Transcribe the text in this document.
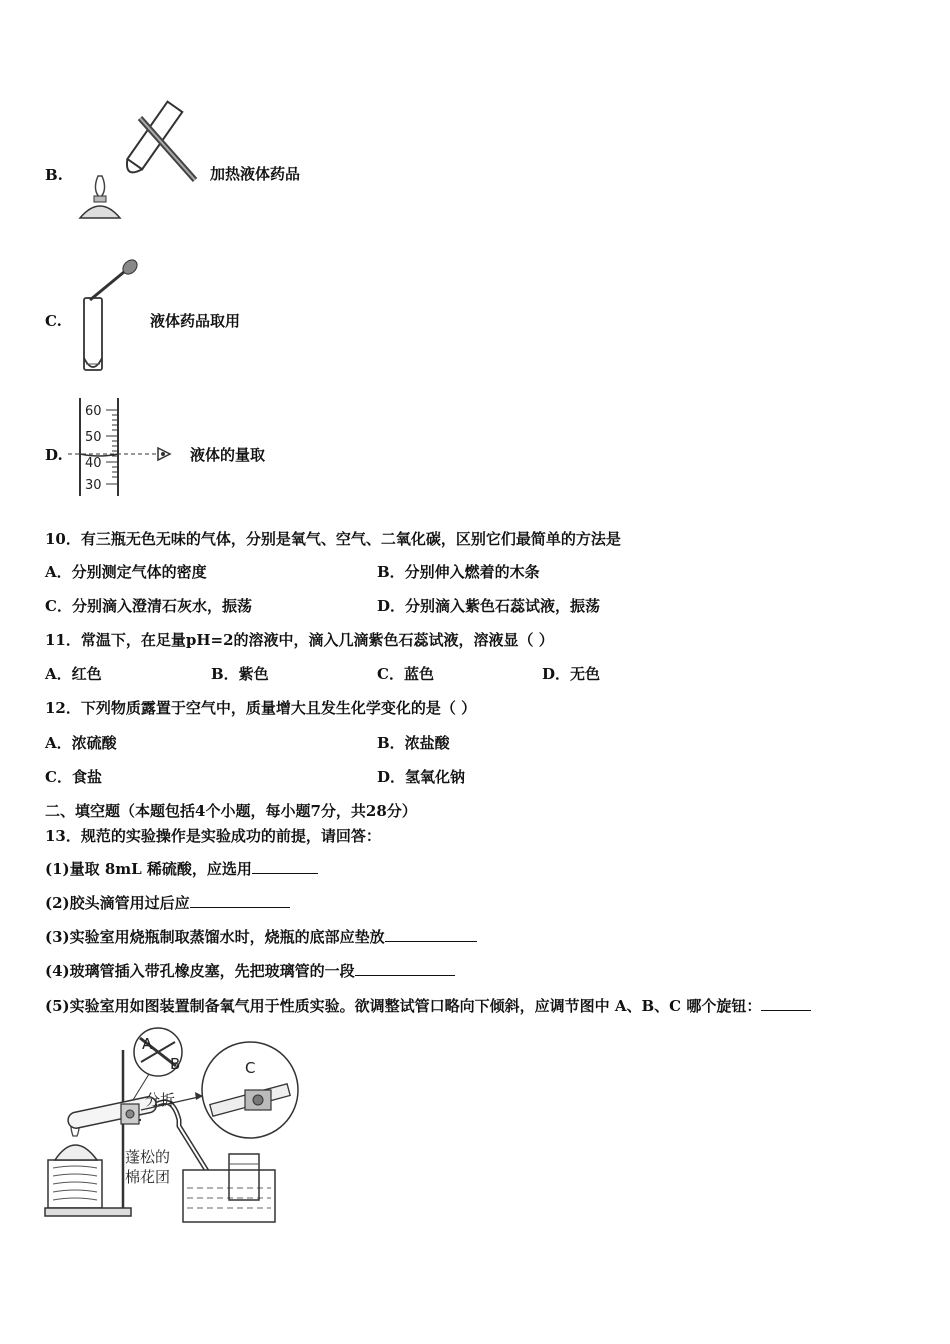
B.	加热液体药品
C.	液体药品取用
D.
60
50
40
30
液体的量取
10．有三瓶无色无味的气体，分别是氧气、空气、二氧化碳，区别它们最简单的方法是
A．分别测定气体的密度	B．分别伸入燃着的木条
C．分别滴入澄清石灰水，振荡	D．分别滴入紫色石蕊试液，振荡
11．常温下，在足量pH=2的溶液中，滴入几滴紫色石蕊试液，溶液显（ ）
A．红色	B．紫色	C．蓝色	D．无色
12．下列物质露置于空气中，质量增大且发生化学变化的是（ ）
A．浓硫酸	B．浓盐酸
C．食盐	D．氢氧化钠
二、填空题（本题包括4个小题，每小题7分，共28分）
13．规范的实验操作是实验成功的前提，请回答：
(1)量取 8mL 稀硫酸，应选用
(2)胶头滴管用过后应
(3)实验室用烧瓶制取蒸馏水时，烧瓶的底部应垫放
(4)玻璃管插入带孔橡皮塞，先把玻璃管的一段
(5)实验室用如图装置制备氧气用于性质实验。欲调整试管口略向下倾斜，应调节图中 A、B、C 哪个旋钮：
A
B	C
分拆
蓬松的
棉花团
